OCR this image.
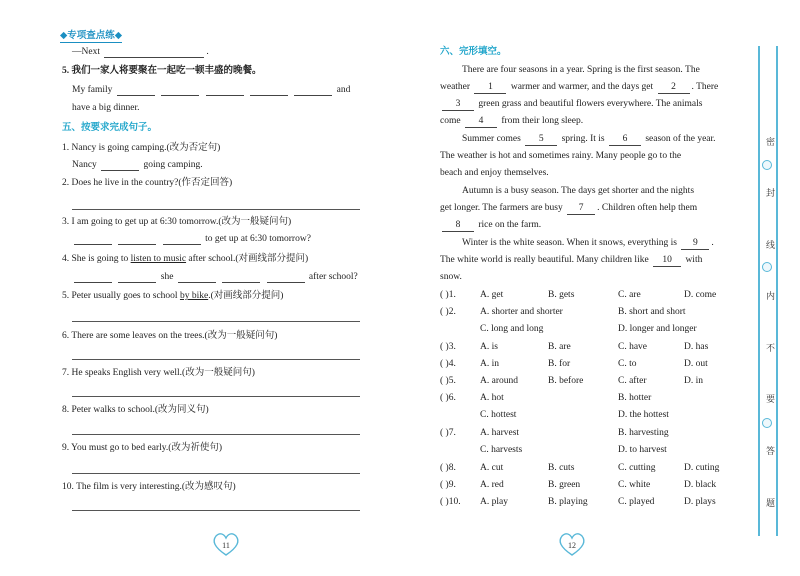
◆专项查点练◆
—Next	.
5. 我们一家人将要聚在一起吃一顿丰盛的晚餐。
My family	and
have a big dinner.
五、按要求完成句子。
1. Nancy is going camping.(改为否定句)
Nancy	going camping.
2. Does he live in the country?(作否定回答)
3. I am going to get up at 6:30 tomorrow.(改为一般疑问句)
to get up at 6:30 tomorrow?
4. She is going to listen to music after school.(对画线部分提问)
she	after school?
5. Peter usually goes to school by bike.(对画线部分提问)
6. There are some leaves on the trees.(改为一般疑问句)
7. He speaks English very well.(改为一般疑问句)
8. Peter walks to school.(改为同义句)
9. You must go to bed early.(改为祈使句)
10. The film is very interesting.(改为感叹句)
六、完形填空。
There are four seasons in a year. Spring is the first season. The
weather 1 warmer and warmer, and the days get 2 . There
3 green grass and beautiful flowers everywhere. The animals
come 4 from their long sleep.
Summer comes 5 spring. It is 6 season of the year.
The weather is hot and sometimes rainy. Many people go to the
beach and enjoy themselves.
Autumn is a busy season. The days get shorter and the nights
get longer. The farmers are busy 7 . Children often help them
8 rice on the farm.
Winter is the white season. When it snows, everything is 9 .
The white world is really beautiful. Many children like 10 with
snow.
( )1.	A. get	B. gets	C. are	D. come
( )2.	A. shorter and shorter	B. short and short
C. long and long	D. longer and longer
( )3.	A. is	B. are	C. have	D. has
( )4.	A. in	B. for	C. to	D. out
( )5.	A. around	B. before	C. after	D. in
( )6.	A. hot	B. hotter
C. hottest	D. the hottest
( )7.	A. harvest	B. harvesting
C. harvests	D. to harvest
( )8.	A. cut	B. cuts	C. cutting	D. cuting
( )9.	A. red	B. green	C. white	D. black
( )10. A. play	B. playing	C. played	D. plays
密
封
线
内
不
要
答
题
11	12
